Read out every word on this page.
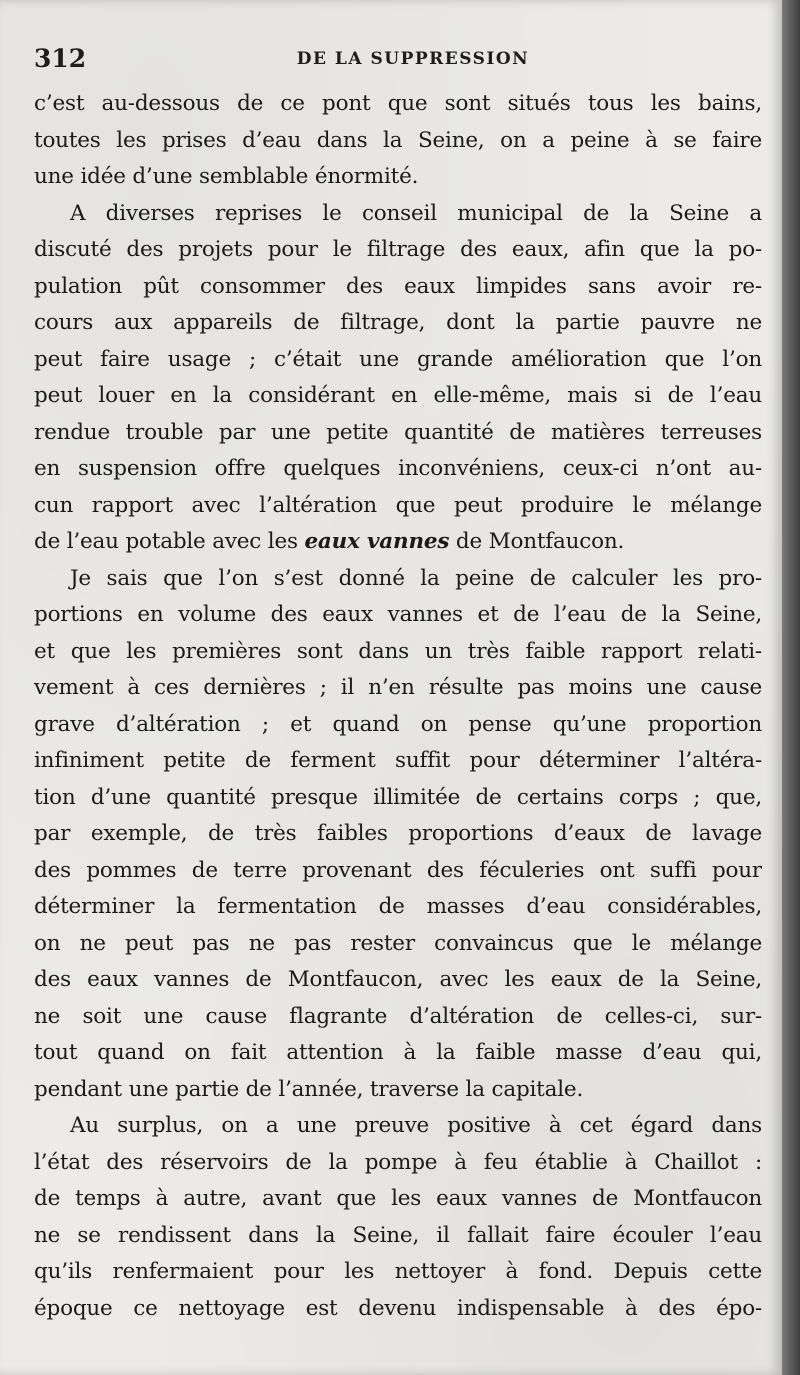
312	DE LA SUPPRESSION
c’est au-dessous de ce pont que sont situés tous les bains,
toutes les prises d’eau dans la Seine, on a peine à se faire
une idée d’une semblable énormité.
A diverses reprises le conseil municipal de la Seine a
discuté des projets pour le filtrage des eaux, afin que la po-
pulation pût consommer des eaux limpides sans avoir re-
cours aux appareils de filtrage, dont la partie pauvre ne
peut faire usage ; c’était une grande amélioration que l’on
peut louer en la considérant en elle-même, mais si de l’eau
rendue trouble par une petite quantité de matières terreuses
en suspension offre quelques inconvéniens, ceux-ci n’ont au-
cun rapport avec l’altération que peut produire le mélange
de l’eau potable avec les eaux vannes de Montfaucon.
Je sais que l’on s’est donné la peine de calculer les pro-
portions en volume des eaux vannes et de l’eau de la Seine,
et que les premières sont dans un très faible rapport relati-
vement à ces dernières ; il n’en résulte pas moins une cause
grave d’altération ; et quand on pense qu’une proportion
infiniment petite de ferment suffit pour déterminer l’altéra-
tion d’une quantité presque illimitée de certains corps ; que,
par exemple, de très faibles proportions d’eaux de lavage
des pommes de terre provenant des féculeries ont suffi pour
déterminer la fermentation de masses d’eau considérables,
on ne peut pas ne pas rester convaincus que le mélange
des eaux vannes de Montfaucon, avec les eaux de la Seine,
ne soit une cause flagrante d’altération de celles-ci, sur-
tout quand on fait attention à la faible masse d’eau qui,
pendant une partie de l’année, traverse la capitale.
Au surplus, on a une preuve positive à cet égard dans
l’état des réservoirs de la pompe à feu établie à Chaillot :
de temps à autre, avant que les eaux vannes de Montfaucon
ne se rendissent dans la Seine, il fallait faire écouler l’eau
qu’ils renfermaient pour les nettoyer à fond. Depuis cette
époque ce nettoyage est devenu indispensable à des épo-
